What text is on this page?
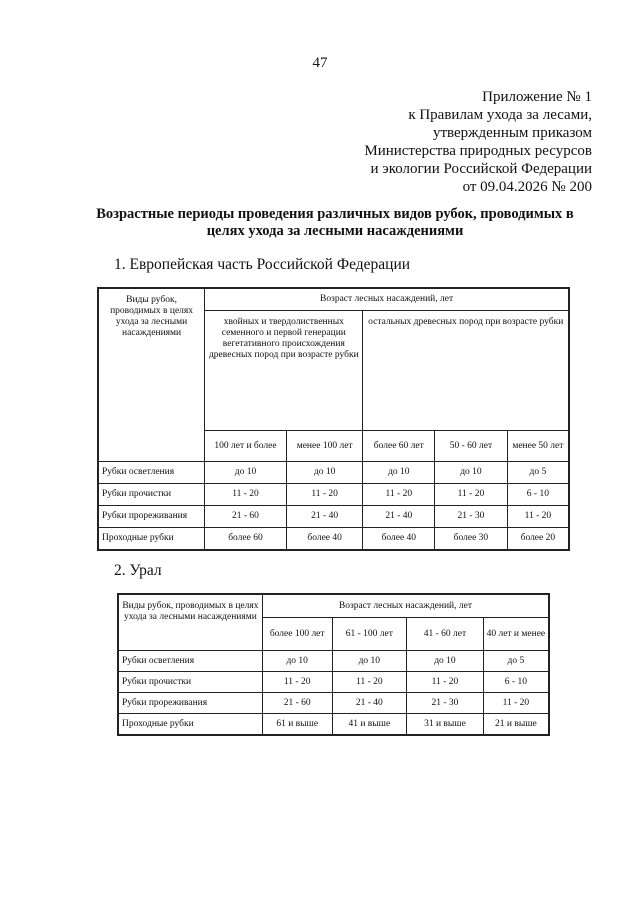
47
Приложение № 1
к Правилам ухода за лесами,
утвержденным приказом
Министерства природных ресурсов
и экологии Российской Федерации
от 09.04.2026 № 200
Возрастные периоды проведения различных видов рубок, проводимых в целях ухода за лесными насаждениями
1. Европейская часть Российской Федерации
Виды рубок, проводимых в целях ухода за лесными насаждениями	Возраст лесных насаждений, лет				
	хвойных и твердолиственных семенного и первой генерации вегетативного происхождения древесных пород при возрасте рубки		остальных древесных пород при возрасте рубки		
	100 лет и более	менее 100 лет	более 60 лет	50 - 60 лет	менее 50 лет
Рубки осветления	до 10	до 10	до 10	до 10	до 5
Рубки прочистки	11 - 20	11 - 20	11 - 20	11 - 20	6 - 10
Рубки прореживания	21 - 60	21 - 40	21 - 40	21 - 30	11 - 20
Проходные рубки	более 60	более 40	более 40	более 30	более 20
2. Урал
Виды рубок, проводимых в целях ухода за лесными насаждениями	Возраст лесных насаждений, лет			
	более 100 лет	61 - 100 лет	41 - 60 лет	40 лет и менее
Рубки осветления	до 10	до 10	до 10	до 5
Рубки прочистки	11 - 20	11 - 20	11 - 20	6 - 10
Рубки прореживания	21 - 60	21 - 40	21 - 30	11 - 20
Проходные рубки	61 и выше	41 и выше	31 и выше	21 и выше
